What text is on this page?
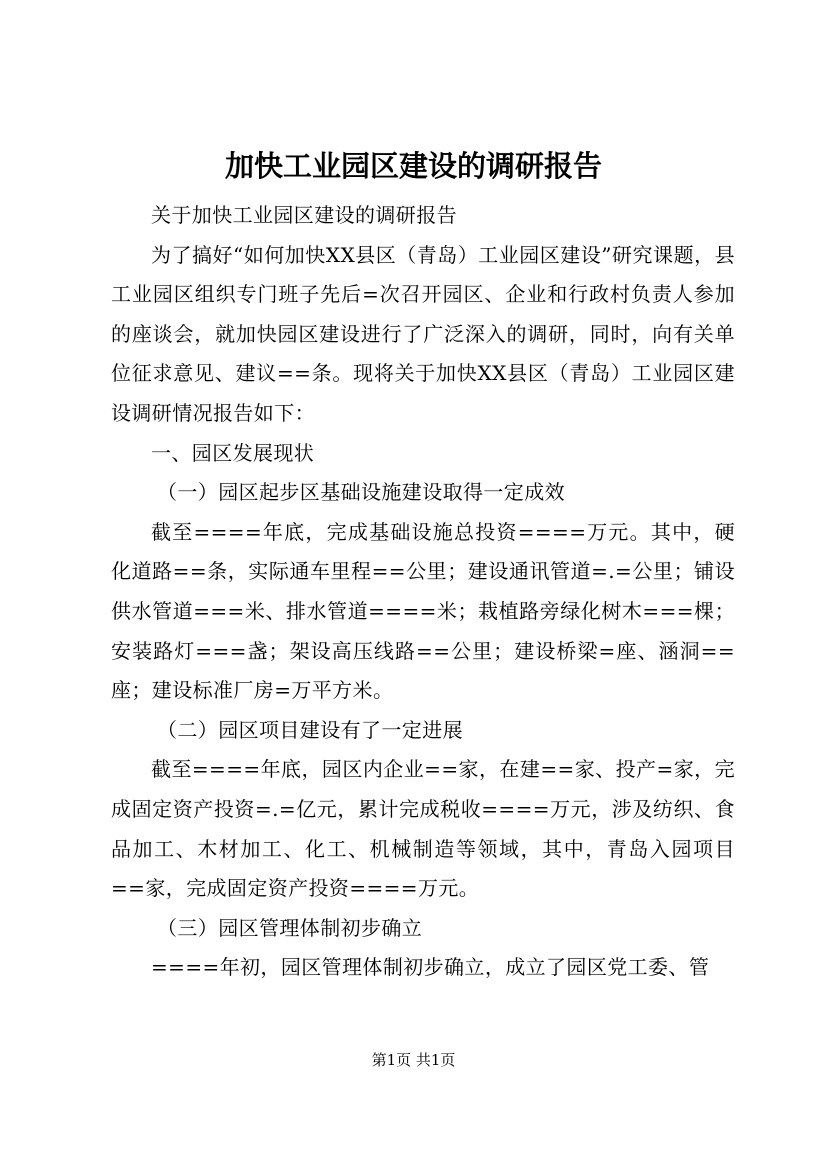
加快工业园区建设的调研报告

关于加快工业园区建设的调研报告

为了搞好“如何加快XX县区（青岛）工业园区建设”研究课题，县工业园区组织专门班子先后=次召开园区、企业和行政村负责人参加的座谈会，就加快园区建设进行了广泛深入的调研，同时，向有关单位征求意见、建议==条。现将关于加快XX县区（青岛）工业园区建设调研情况报告如下：

一、园区发展现状

（一）园区起步区基础设施建设取得一定成效

截至====年底，完成基础设施总投资====万元。其中，硬化道路==条，实际通车里程==公里；建设通讯管道=.=公里；铺设供水管道===米、排水管道====米；栽植路旁绿化树木===棵；安装路灯===盏；架设高压线路==公里；建设桥梁=座、涵洞==座；建设标准厂房=万平方米。

（二）园区项目建设有了一定进展

截至====年底，园区内企业==家，在建==家、投产=家，完成固定资产投资=.=亿元，累计完成税收====万元，涉及纺织、食品加工、木材加工、化工、机械制造等领域，其中，青岛入园项目==家，完成固定资产投资====万元。

（三）园区管理体制初步确立

====年初，园区管理体制初步确立，成立了园区党工委、管

第1页 共1页
